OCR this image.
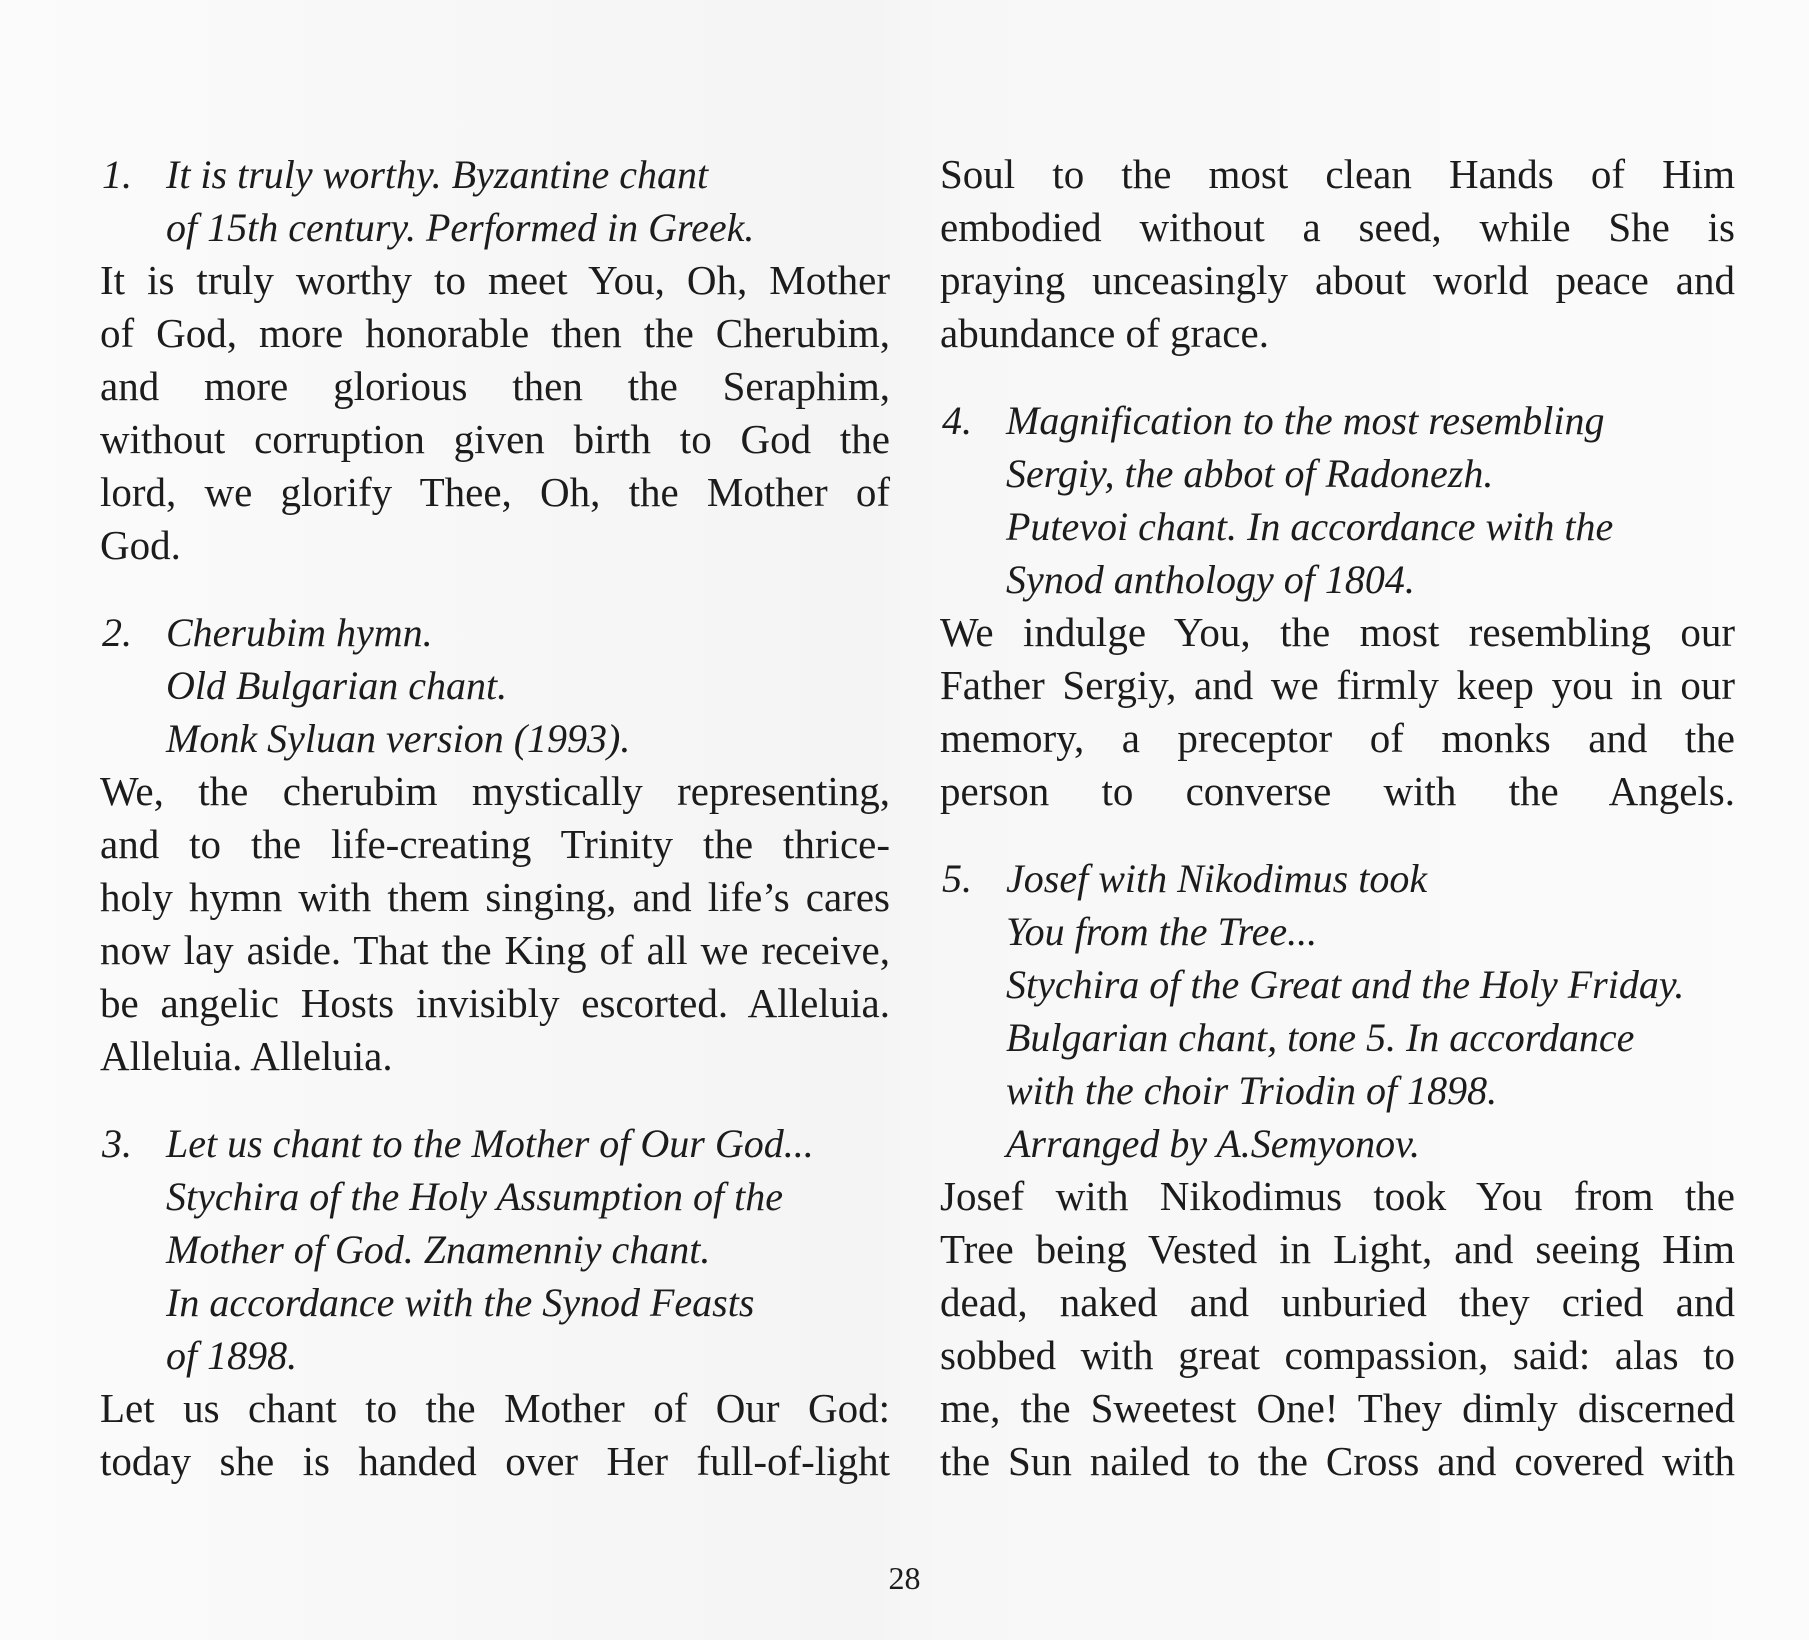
1. It is truly worthy. Byzantine chant
of 15th century. Performed in Greek.
It is truly worthy to meet You, Oh, Mother
of God, more honorable then the Cherubim,
and more glorious then the Seraphim,
without corruption given birth to God the
lord, we glorify Thee, Oh, the Mother of
God.
2. Cherubim hymn.
Old Bulgarian chant.
Monk Syluan version (1993).
We, the cherubim mystically representing,
and to the life-creating Trinity the thrice-
holy hymn with them singing, and life’s cares
now lay aside. That the King of all we receive,
be angelic Hosts invisibly escorted. Alleluia.
Alleluia. Alleluia.
3. Let us chant to the Mother of Our God...
Stychira of the Holy Assumption of the
Mother of God. Znamenniy chant.
In accordance with the Synod Feasts
of 1898.
Let us chant to the Mother of Our God:
today she is handed over Her full-of-light
Soul to the most clean Hands of Him
embodied without a seed, while She is
praying unceasingly about world peace and
abundance of grace.
4. Magnification to the most resembling
Sergiy, the abbot of Radonezh.
Putevoi chant. In accordance with the
Synod anthology of 1804.
We indulge You, the most resembling our
Father Sergiy, and we firmly keep you in our
memory, a preceptor of monks and the
person to converse with the Angels.
5. Josef with Nikodimus took
You from the Tree...
Stychira of the Great and the Holy Friday.
Bulgarian chant, tone 5. In accordance
with the choir Triodin of 1898.
Arranged by A.Semyonov.
Josef with Nikodimus took You from the
Tree being Vested in Light, and seeing Him
dead, naked and unburied they cried and
sobbed with great compassion, said: alas to
me, the Sweetest One! They dimly discerned
the Sun nailed to the Cross and covered with
28
